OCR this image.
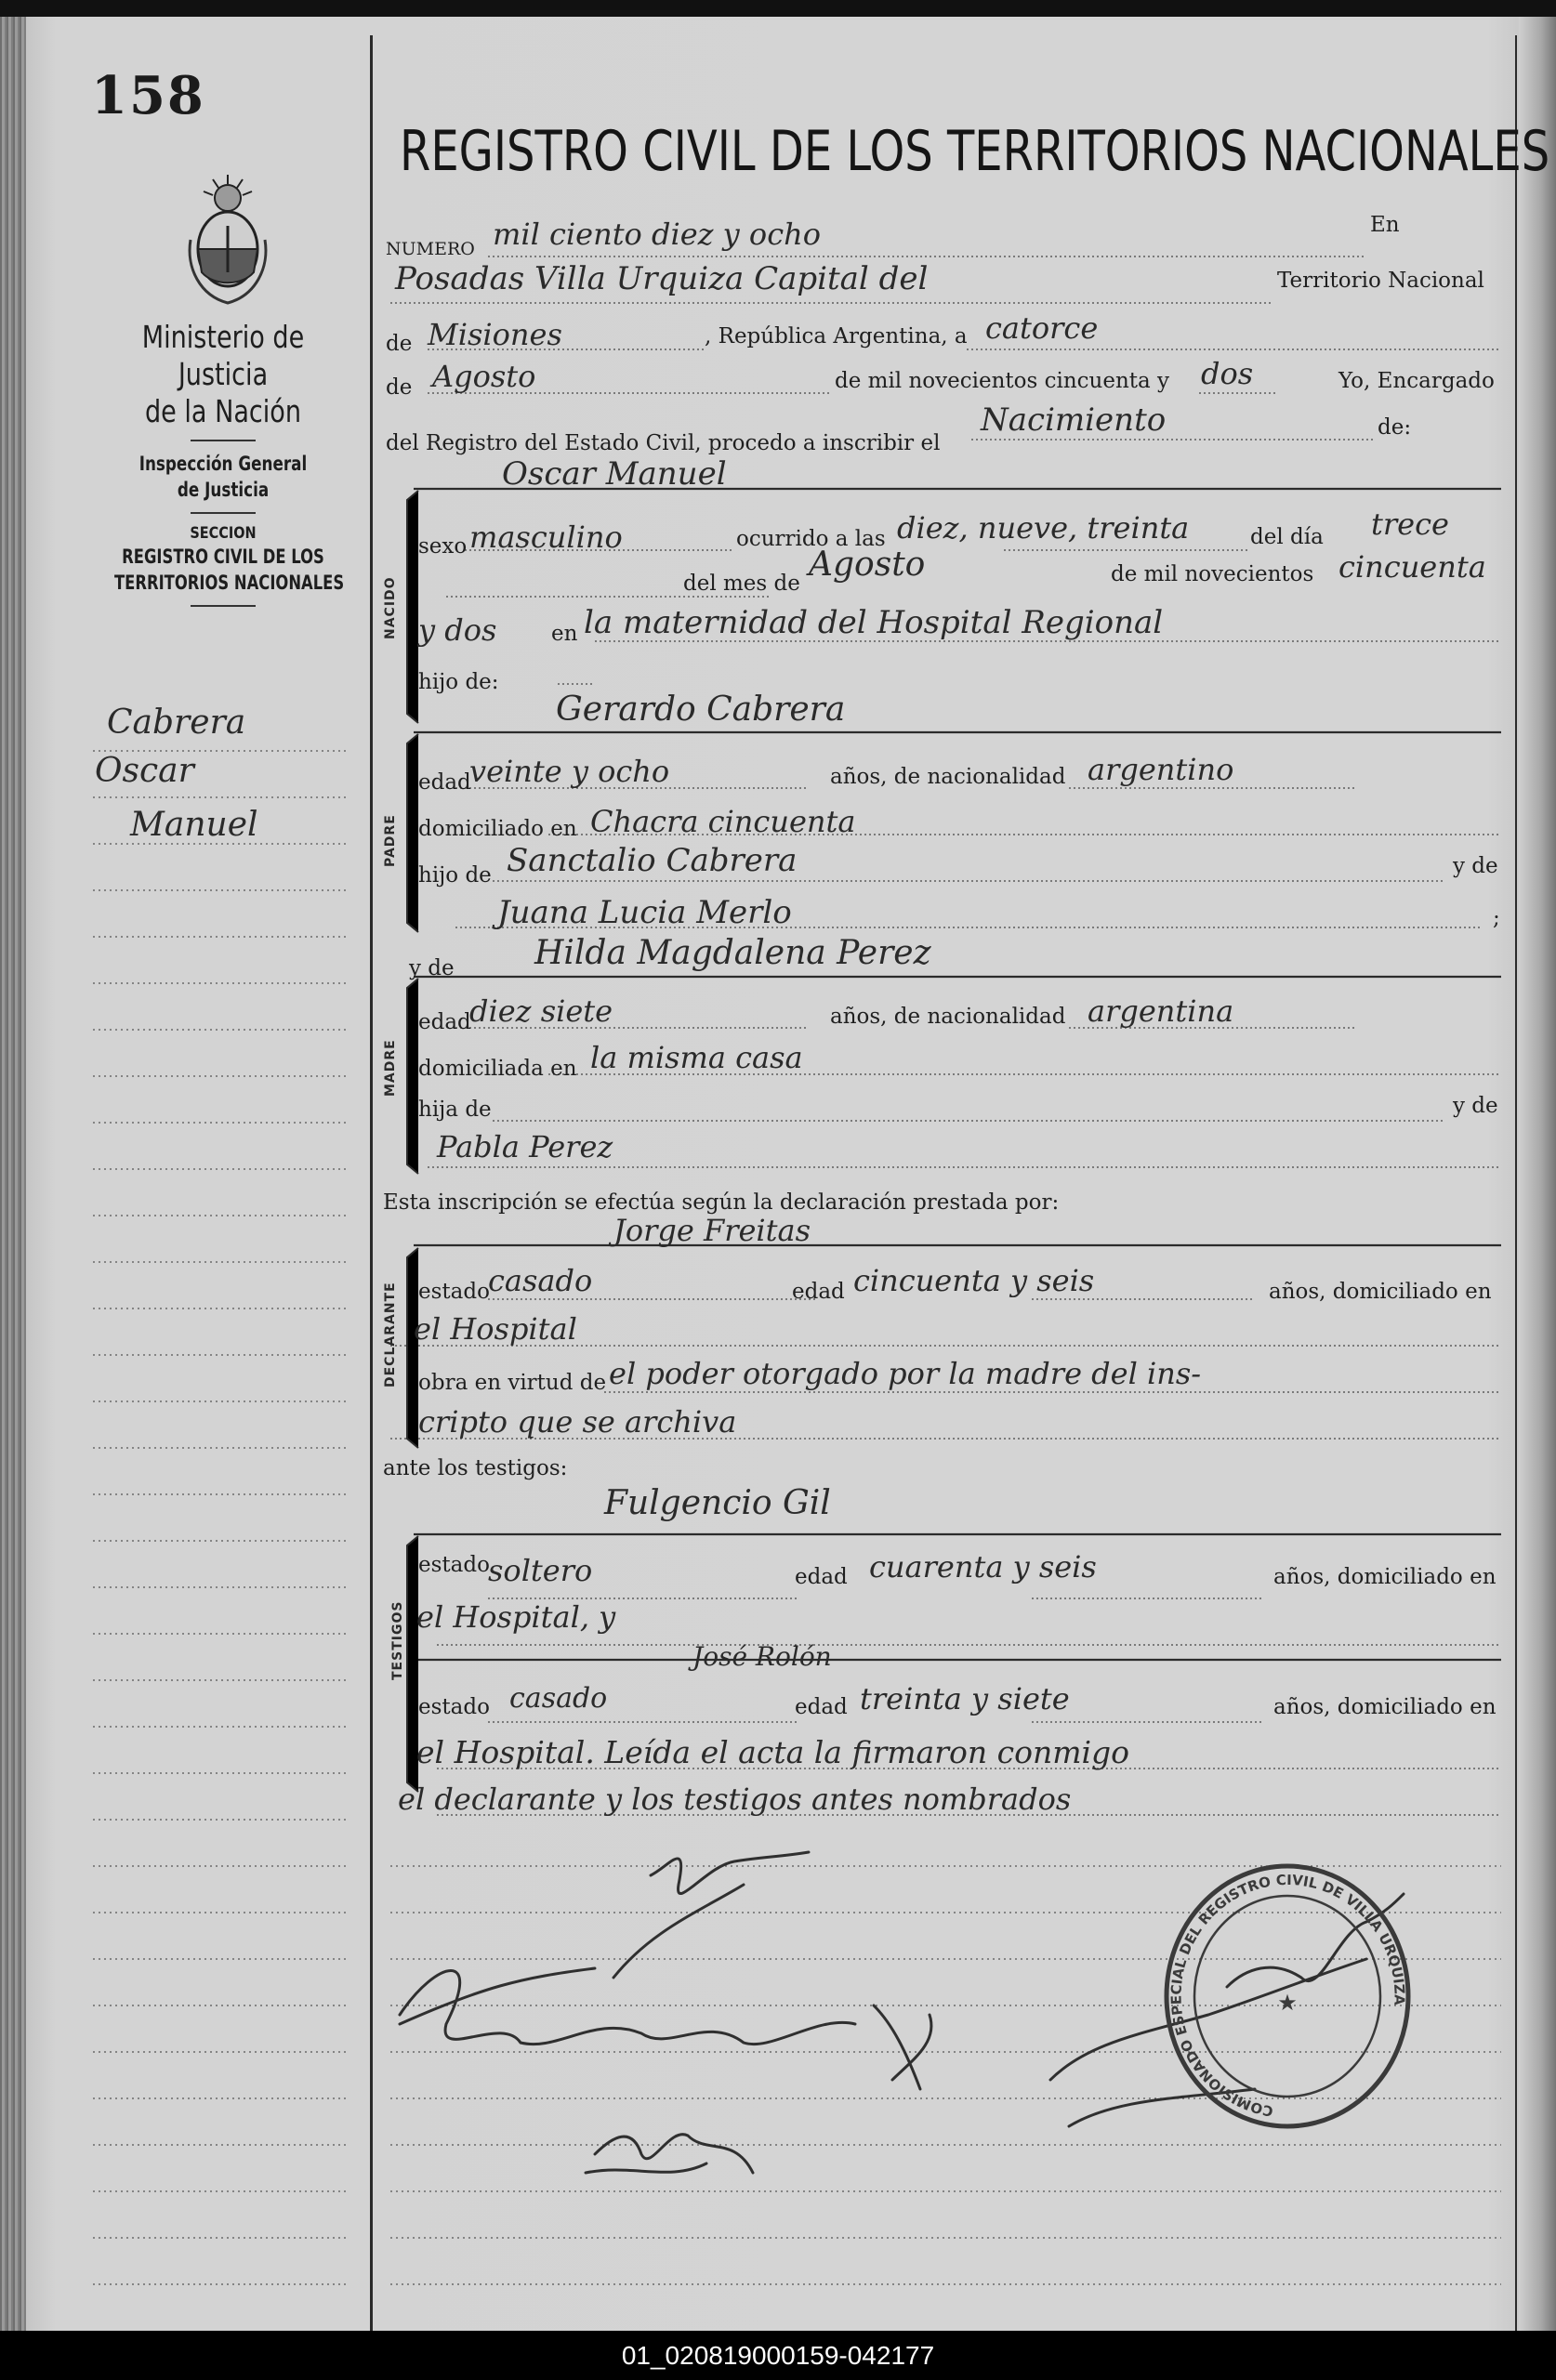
★
158
Ministerio de Justicia
de la Nación
Inspección General
de Justicia
SECCION
REGISTRO CIVIL DE LOS
TERRITORIOS NACIONALES
Cabrera
Oscar
Manuel
REGISTRO CIVIL DE LOS TERRITORIOS NACIONALES
NUMERO mil ciento diez y ocho	En
Posadas Villa Urquiza Capital del	Territorio Nacional
de Misiones	, República Argentina, a catorce
de Agosto	de mil novecientos cincuenta y dos	Yo, Encargado
del Registro del Estado Civil, procedo a inscribir el
Nacimiento	de:
Oscar Manuel
NACIDO
sexo masculino	ocurrido a las diez, nueve, treinta	del día trece
del mes de Agosto	de mil novecientos cincuenta
y dos	en la maternidad del Hospital Regional
hijo de:
Gerardo Cabrera
PADRE
edad
veinte y ocho	años, de nacionalidad argentino
domiciliado en Chacra cincuenta
hijo de Sanctalio Cabrera	y de
Juana Lucia Merlo	;
y de Hilda Magdalena Perez
MADRE
edad
diez siete	años, de nacionalidad argentina
domiciliada en la misma casa
hija de	y de
Pabla Perez
Esta inscripción se efectúa según la declaración prestada por:
Jorge Freitas
DECLARANTE estado
casado	edad cincuenta y seis	años, domiciliado en
el Hospital
obra en virtud de el poder otorgado por la madre del ins-
cripto que se archiva
ante los testigos:
Fulgencio Gil
TESTIGOS
estado
soltero	edad cuarenta y seis	años, domiciliado en
el Hospital, y
José Rolón
estado casado	edad treinta y siete	años, domiciliado en
el Hospital. Leída el acta la firmaron conmigo
el declarante y los testigos antes nombrados
COMISIONADO ESPECIAL DEL REGISTRO CIVIL DE VILLA URQUIZA
01_020819000159-042177
